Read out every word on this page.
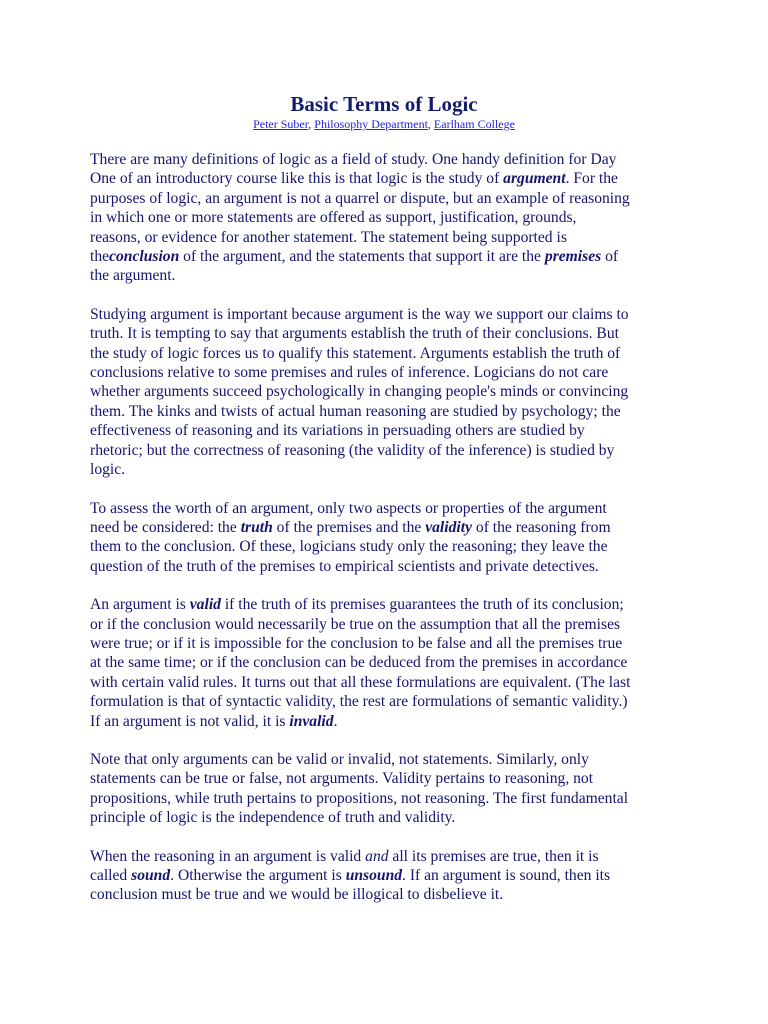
Basic Terms of Logic
Peter Suber, Philosophy Department, Earlham College

There are many definitions of logic as a field of study. One handy definition for Day
One of an introductory course like this is that logic is the study of argument. For the
purposes of logic, an argument is not a quarrel or dispute, but an example of reasoning
in which one or more statements are offered as support, justification, grounds,
reasons, or evidence for another statement. The statement being supported is
theconclusion of the argument, and the statements that support it are the premises of
the argument.

Studying argument is important because argument is the way we support our claims to
truth. It is tempting to say that arguments establish the truth of their conclusions. But
the study of logic forces us to qualify this statement. Arguments establish the truth of
conclusions relative to some premises and rules of inference. Logicians do not care
whether arguments succeed psychologically in changing people's minds or convincing
them. The kinks and twists of actual human reasoning are studied by psychology; the
effectiveness of reasoning and its variations in persuading others are studied by
rhetoric; but the correctness of reasoning (the validity of the inference) is studied by
logic.

To assess the worth of an argument, only two aspects or properties of the argument
need be considered: the truth of the premises and the validity of the reasoning from
them to the conclusion. Of these, logicians study only the reasoning; they leave the
question of the truth of the premises to empirical scientists and private detectives.

An argument is valid if the truth of its premises guarantees the truth of its conclusion;
or if the conclusion would necessarily be true on the assumption that all the premises
were true; or if it is impossible for the conclusion to be false and all the premises true
at the same time; or if the conclusion can be deduced from the premises in accordance
with certain valid rules. It turns out that all these formulations are equivalent. (The last
formulation is that of syntactic validity, the rest are formulations of semantic validity.)
If an argument is not valid, it is invalid.

Note that only arguments can be valid or invalid, not statements. Similarly, only
statements can be true or false, not arguments. Validity pertains to reasoning, not
propositions, while truth pertains to propositions, not reasoning. The first fundamental
principle of logic is the independence of truth and validity.

When the reasoning in an argument is valid and all its premises are true, then it is
called sound. Otherwise the argument is unsound. If an argument is sound, then its
conclusion must be true and we would be illogical to disbelieve it.
